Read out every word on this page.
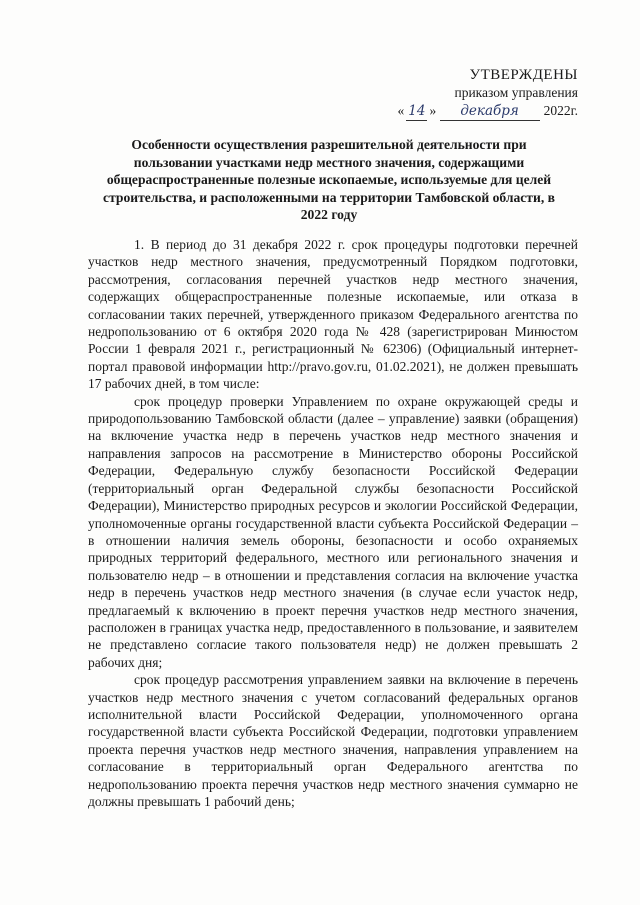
УТВЕРЖДЕНЫ
приказом управления
« 14 » декабря 2022г.
Особенности осуществления разрешительной деятельности при пользовании участками недр местного значения, содержащими общераспространенные полезные ископаемые, используемые для целей строительства, и расположенными на территории Тамбовской области, в 2022 году

1. В период до 31 декабря 2022 г. срок процедуры подготовки перечней участков недр местного значения, предусмотренный Порядком подготовки, рассмотрения, согласования перечней участков недр местного значения, содержащих общераспространенные полезные ископаемые, или отказа в согласовании таких перечней, утвержденного приказом Федерального агентства по недропользованию от 6 октября 2020 года № 428 (зарегистрирован Минюстом России 1 февраля 2021 г., регистрационный № 62306) (Официальный интернет-портал правовой информации http://pravo.gov.ru, 01.02.2021), не должен превышать 17 рабочих дней, в том числе:

срок процедур проверки Управлением по охране окружающей среды и природопользованию Тамбовской области (далее – управление) заявки (обращения) на включение участка недр в перечень участков недр местного значения и направления запросов на рассмотрение в Министерство обороны Российской Федерации, Федеральную службу безопасности Российской Федерации (территориальный орган Федеральной службы безопасности Российской Федерации), Министерство природных ресурсов и экологии Российской Федерации, уполномоченные органы государственной власти субъекта Российской Федерации – в отношении наличия земель обороны, безопасности и особо охраняемых природных территорий федерального, местного или регионального значения и пользователю недр – в отношении и представления согласия на включение участка недр в перечень участков недр местного значения (в случае если участок недр, предлагаемый к включению в проект перечня участков недр местного значения, расположен в границах участка недр, предоставленного в пользование, и заявителем не представлено согласие такого пользователя недр) не должен превышать 2 рабочих дня;

срок процедур рассмотрения управлением заявки на включение в перечень участков недр местного значения с учетом согласований федеральных органов исполнительной власти Российской Федерации, уполномоченного органа государственной власти субъекта Российской Федерации, подготовки управлением проекта перечня участков недр местного значения, направления управлением на согласование в территориальный орган Федерального агентства по недропользованию проекта перечня участков недр местного значения суммарно не должны превышать 1 рабочий день;
